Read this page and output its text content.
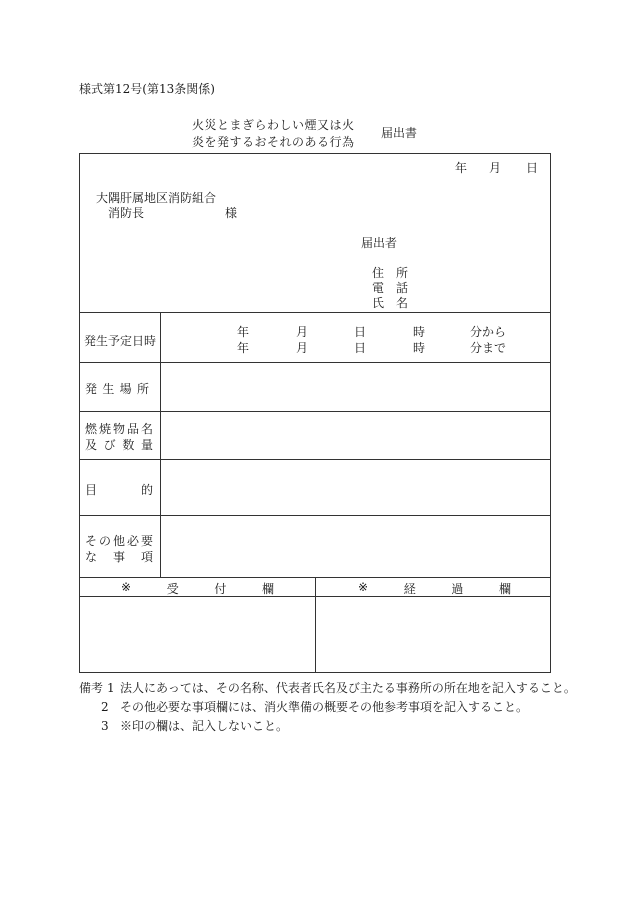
様式第12号(第13条関係)
火災とまぎらわしい煙又は火
炎を発するおそれのある行為
届出書
年 月 日
大隅肝属地区消防組合
消防長	様
届出者
住 所
電 話
氏 名
発生予定日時
年	月	日	時	分から
年	月	日	時	分まで
発 生 場 所
燃 焼 物 品 名
及 び 数 量
目	的
そ の 他 必 要
な 事 項
※	受	付	欄	※	経	過	欄
備考 1 法人にあっては、その名称、代表者氏名及び主たる事務所の所在地を記入すること。
2 その他必要な事項欄には、消火準備の概要その他参考事項を記入すること。
3 ※印の欄は、記入しないこと。
